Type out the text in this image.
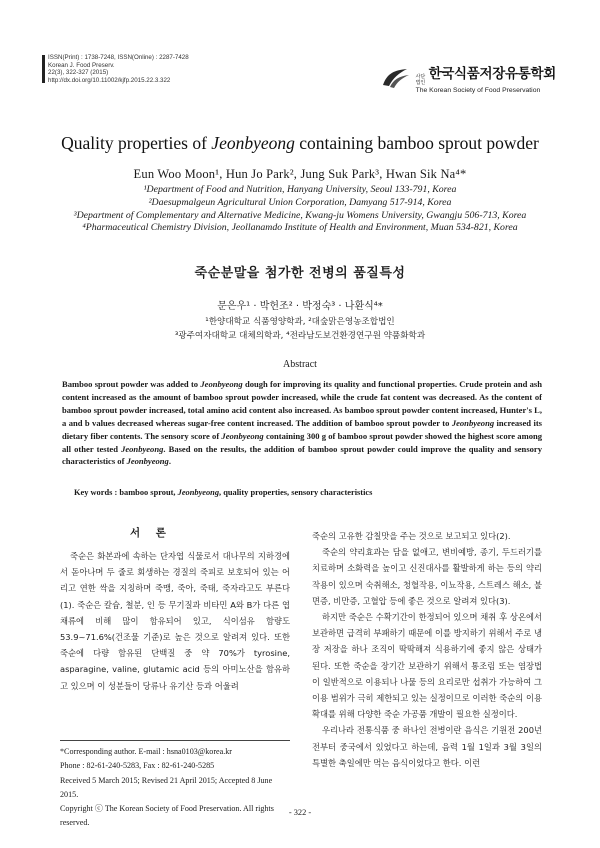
ISSN(Print) : 1738-7248, ISSN(Online) : 2287-7428
Korean J. Food Preserv.
22(3), 322-327 (2015)
http://dx.doi.org/10.11002/kjfp.2015.22.3.322	사단 법인
한국식품저장유통학회
The Korean Society of Food Preservation
Quality properties of Jeonbyeong containing bamboo sprout powder
Eun Woo Moon¹, Hun Jo Park², Jung Suk Park³, Hwan Sik Na⁴*
¹Department of Food and Nutrition, Hanyang University, Seoul 133-791, Korea
²Daesupmalgeun Agricultural Union Corporation, Damyang 517-914, Korea
³Department of Complementary and Alternative Medicine, Kwang-ju Womens University, Gwangju 506-713, Korea
⁴Pharmaceutical Chemistry Division, Jeollanamdo Institute of Health and Environment, Muan 534-821, Korea
죽순분말을 첨가한 전병의 품질특성
문은우¹ · 박헌조² · 박정숙³ · 나환식⁴*
¹한양대학교 식품영양학과, ²대숲맑은영농조합법인
³광주여자대학교 대체의학과, ⁴전라남도보건환경연구원 약품화학과
Abstract
Bamboo sprout powder was added to Jeonbyeong dough for improving its quality and functional properties. Crude protein and ash content increased as the amount of bamboo sprout powder increased, while the crude fat content was decreased. As the content of bamboo sprout powder increased, total amino acid content also increased. As bamboo sprout powder content increased, Hunter's L, a and b values decreased whereas sugar-free content increased. The addition of bamboo sprout powder to Jeonbyeong increased its dietary fiber contents. The sensory score of Jeonbyeong containing 300 g of bamboo sprout powder showed the highest score among all other tested Jeonbyeong. Based on the results, the addition of bamboo sprout powder could improve the quality and sensory characteristics of Jeonbyeong.
Key words : bamboo sprout, Jeonbyeong, quality properties, sensory characteristics
서 론
죽순은 화본과에 속하는 단자엽 식물로서 대나무의 지하경에서 돋아나며 두 줄로 회생하는 경질의 죽피로 보호되어 있는 어리고 연한 싹을 지칭하며 죽맹, 죽아, 죽태, 죽자라고도 부른다(1). 죽순은 칼슘, 철분, 인 등 무기질과 비타민 A와 B가 다른 엽채류에 비해 많이 함유되어 있고, 식이섬유 함량도 53.9~71.6%(건조물 기준)로 높은 것으로 알려져 있다. 또한 죽순에 다량 함유된 단백질 중 약 70%가 tyrosine, asparagine, valine, glutamic acid 등의 아미노산을 함유하고 있으며 이 성분들이 당류나 유기산 등과 어울려

죽순의 고유한 감칠맛을 주는 것으로 보고되고 있다(2).

죽순의 약리효과는 담을 없애고, 변비예방, 종기, 두드러기를 치료하며 소화력을 높이고 신진대사를 활발하게 하는 등의 약리작용이 있으며 숙취해소, 청혈작용, 이뇨작용, 스트레스 해소, 불면증, 비만증, 고혈압 등에 좋은 것으로 알려져 있다(3).

하지만 죽순은 수확기간이 한정되어 있으며 채취 후 상온에서 보관하면 급격히 부패하기 때문에 이를 방지하기 위해서 주로 냉장 저장을 하나 조직이 딱딱해져 식용하기에 좋지 않은 상태가 된다. 또한 죽순을 장기간 보관하기 위해서 통조림 또는 염장법이 일반적으로 이용되나 나물 등의 요리로만 섭취가 가능하여 그 이용 범위가 극히 제한되고 있는 실정이므로 이러한 죽순의 이용 확대를 위해 다양한 죽순 가공품 개발이 필요한 실정이다.

우리나라 전통식품 중 하나인 전병이란 음식은 기원전 200년 전부터 중국에서 있었다고 하는데, 음력 1월 1일과 3월 3일의 특별한 축일에만 먹는 음식이었다고 한다. 이런

*Corresponding author. E-mail : hsna0103@korea.kr
Phone : 82-61-240-5283, Fax : 82-61-240-5285
Received 5 March 2015; Revised 21 April 2015; Accepted 8 June 2015.
Copyright ⓒ The Korean Society of Food Preservation. All rights reserved.
- 322 -
